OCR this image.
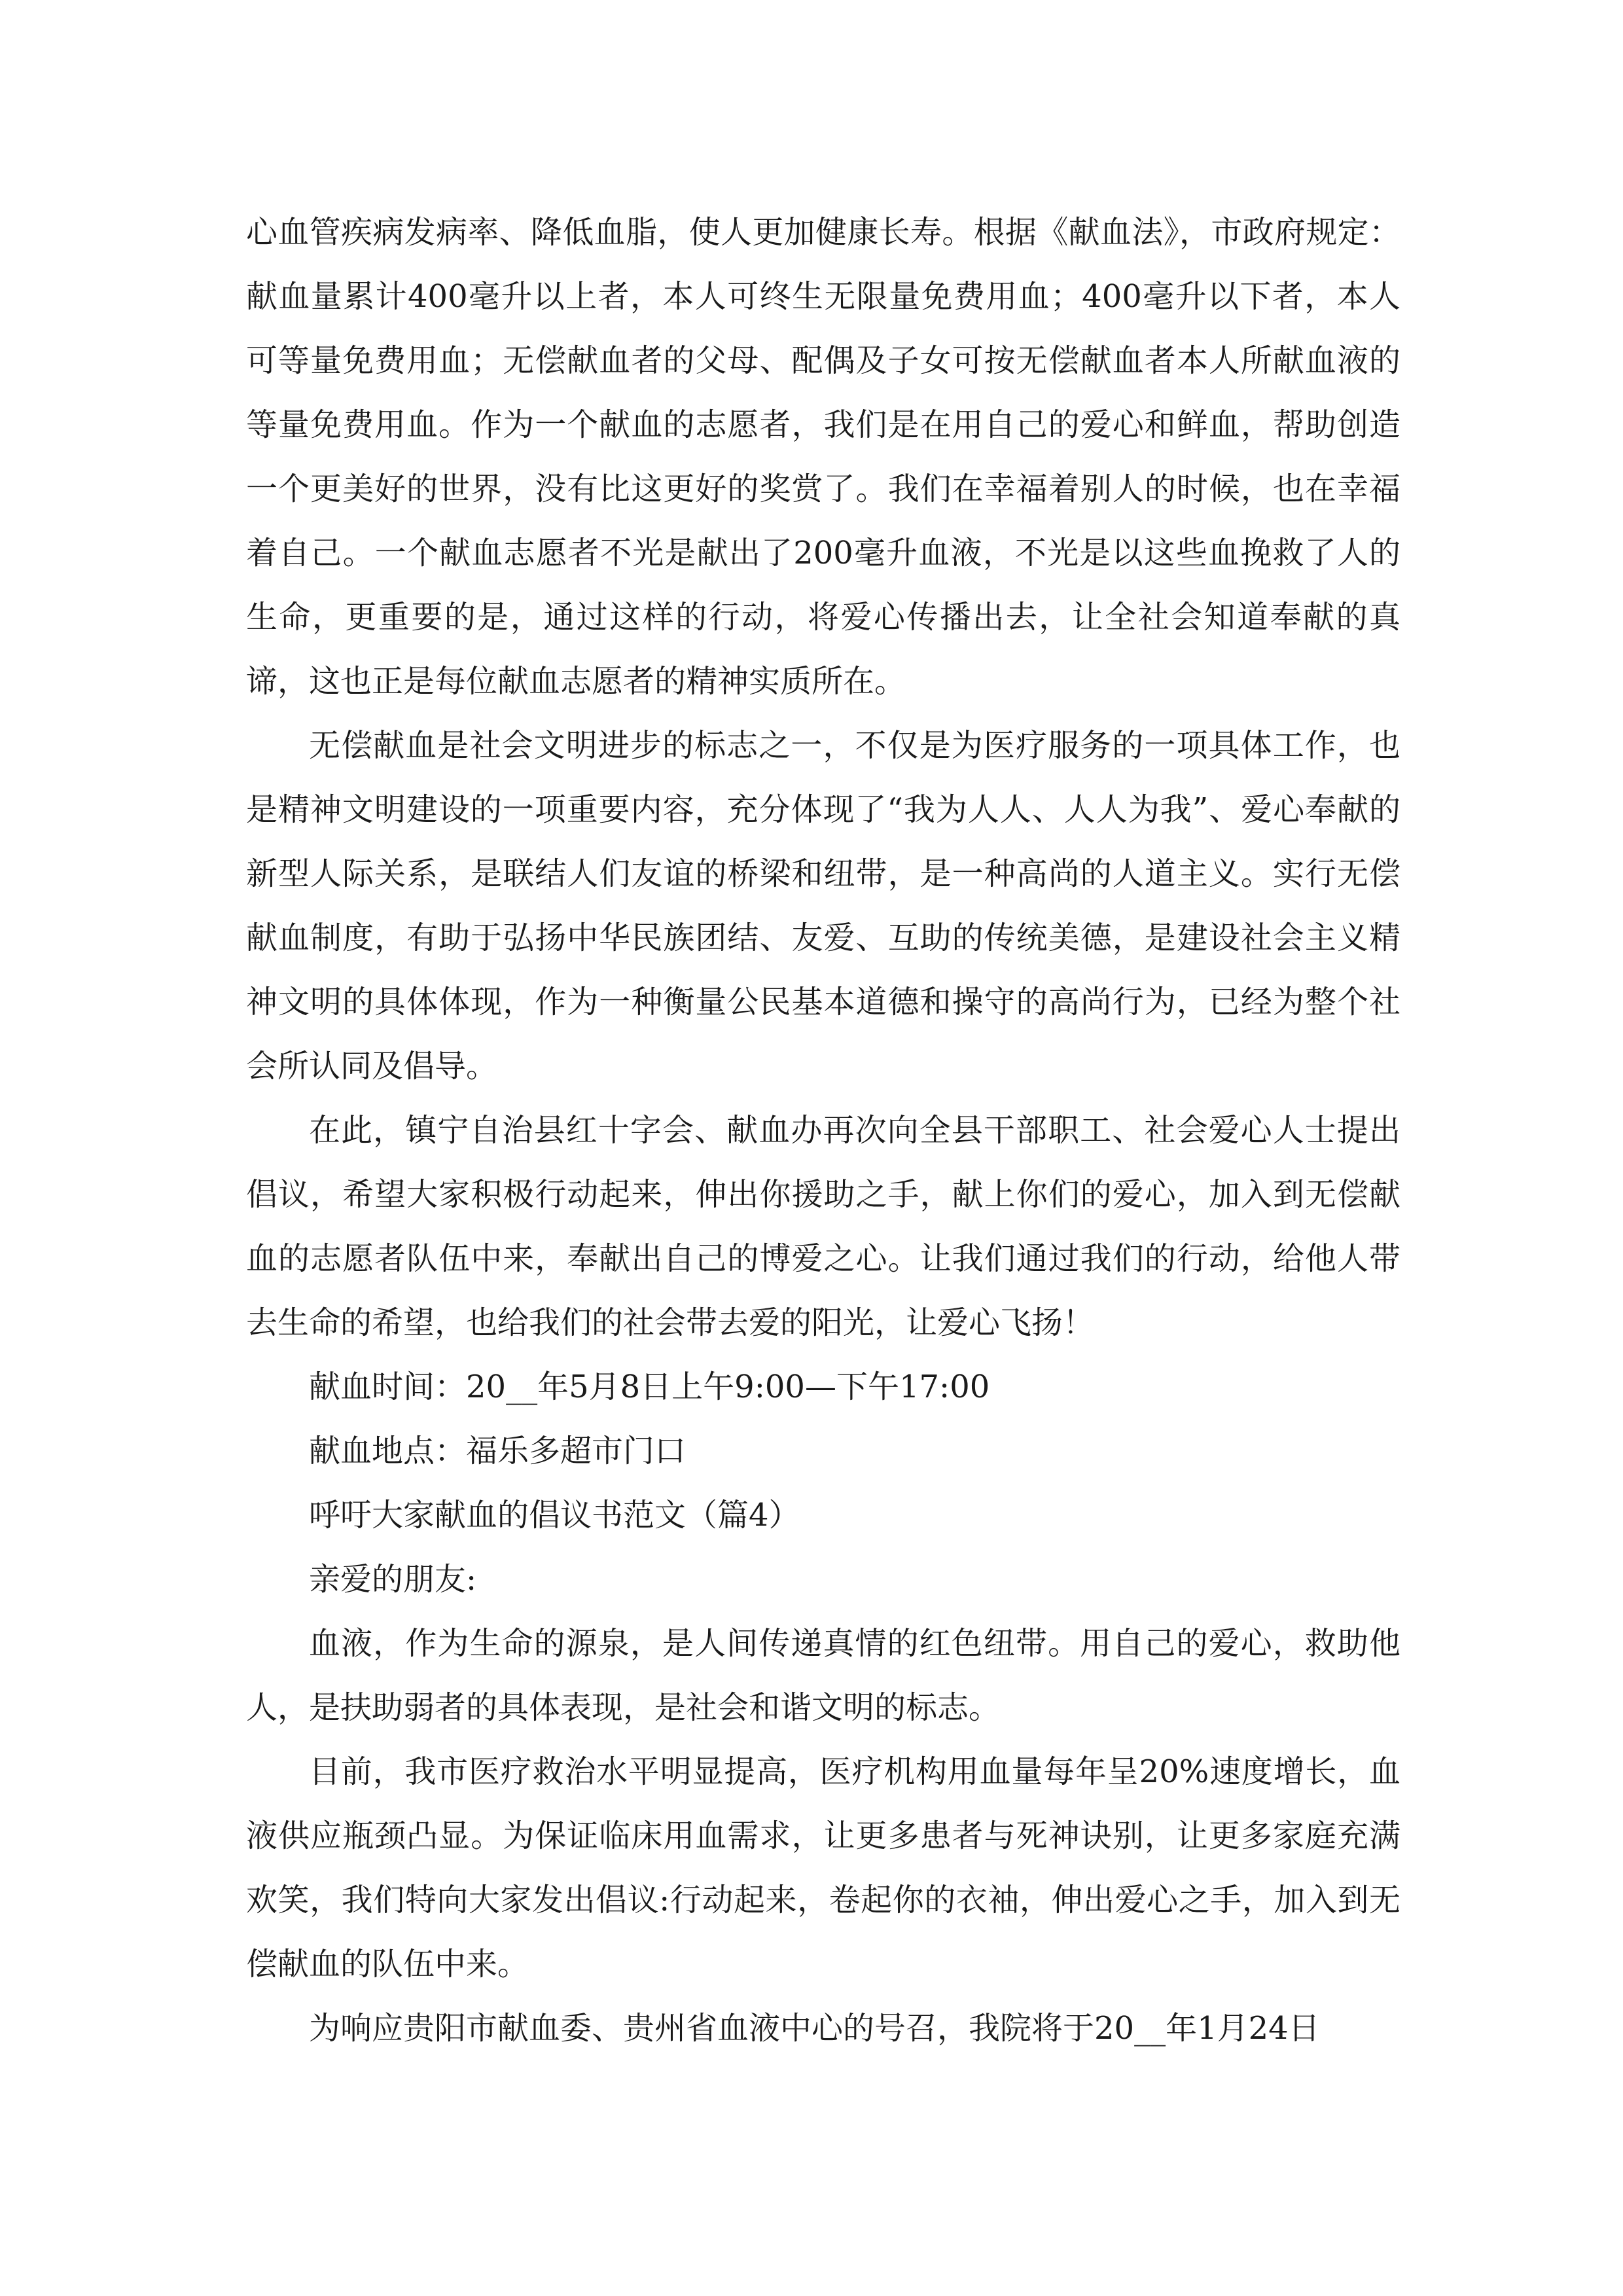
心血管疾病发病率、降低血脂，使人更加健康长寿。根据《献血法》，市政府规定：献血量累计400毫升以上者，本人可终生无限量免费用血；400毫升以下者，本人可等量免费用血；无偿献血者的父母、配偶及子女可按无偿献血者本人所献血液的等量免费用血。作为一个献血的志愿者，我们是在用自己的爱心和鲜血，帮助创造一个更美好的世界，没有比这更好的奖赏了。我们在幸福着别人的时候，也在幸福着自己。一个献血志愿者不光是献出了200毫升血液，不光是以这些血挽救了人的生命，更重要的是，通过这样的行动，将爱心传播出去，让全社会知道奉献的真谛，这也正是每位献血志愿者的精神实质所在。

无偿献血是社会文明进步的标志之一，不仅是为医疗服务的一项具体工作，也是精神文明建设的一项重要内容，充分体现了“我为人人、人人为我”、爱心奉献的新型人际关系，是联结人们友谊的桥梁和纽带，是一种高尚的人道主义。实行无偿献血制度，有助于弘扬中华民族团结、友爱、互助的传统美德，是建设社会主义精神文明的具体体现，作为一种衡量公民基本道德和操守的高尚行为，已经为整个社会所认同及倡导。

在此，镇宁自治县红十字会、献血办再次向全县干部职工、社会爱心人士提出倡议，希望大家积极行动起来，伸出你援助之手，献上你们的爱心，加入到无偿献血的志愿者队伍中来，奉献出自己的博爱之心。让我们通过我们的行动，给他人带去生命的希望，也给我们的社会带去爱的阳光，让爱心飞扬！

献血时间：20__年5月8日上午9:00—下午17:00

献血地点：福乐多超市门口

呼吁大家献血的倡议书范文（篇4）

亲爱的朋友:

血液，作为生命的源泉，是人间传递真情的红色纽带。用自己的爱心，救助他人，是扶助弱者的具体表现，是社会和谐文明的标志。

目前，我市医疗救治水平明显提高，医疗机构用血量每年呈20%速度增长，血液供应瓶颈凸显。为保证临床用血需求，让更多患者与死神诀别，让更多家庭充满欢笑，我们特向大家发出倡议:行动起来，卷起你的衣袖，伸出爱心之手，加入到无偿献血的队伍中来。

为响应贵阳市献血委、贵州省血液中心的号召，我院将于20__年1月24日
